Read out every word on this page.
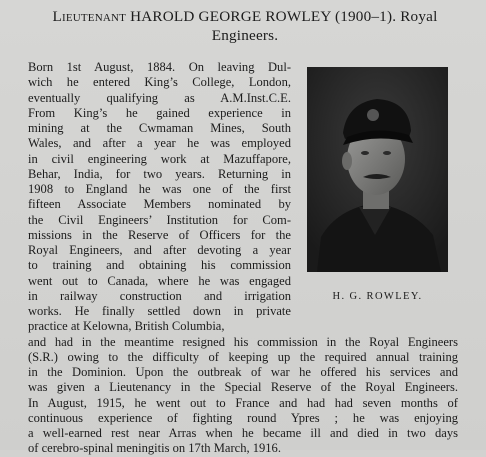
Lieutenant HAROLD GEORGE ROWLEY (1900–1). Royal
Engineers.
Born 1st August, 1884. On leaving Dul-
wich he entered King’s College, London,
eventually qualifying as A.M.Inst.C.E.
From King’s he gained experience in
mining at the Cwmaman Mines, South
Wales, and after a year he was employed
in civil engineering work at Mazuffapore,
Behar, India, for two years. Returning in
1908 to England he was one of the first
fifteen Associate Members nominated by
the Civil Engineers’ Institution for Com-
missions in the Reserve of Officers for the
Royal Engineers, and after devoting a year
to training and obtaining his commission
went out to Canada, where he was engaged
in railway construction and irrigation
works. He finally settled down in private
practice at Kelowna, British Columbia,
and had in the meantime resigned his commission in the Royal Engineers
(S.R.) owing to the difficulty of keeping up the required annual training
in the Dominion. Upon the outbreak of war he offered his services and
was given a Lieutenancy in the Special Reserve of the Royal Engineers.
In August, 1915, he went out to France and had had seven months of
continuous experience of fighting round Ypres ; he was enjoying
a well-earned rest near Arras when he became ill and died in two days
of cerebro-spinal meningitis on 17th March, 1916.
H. G. ROWLEY.
